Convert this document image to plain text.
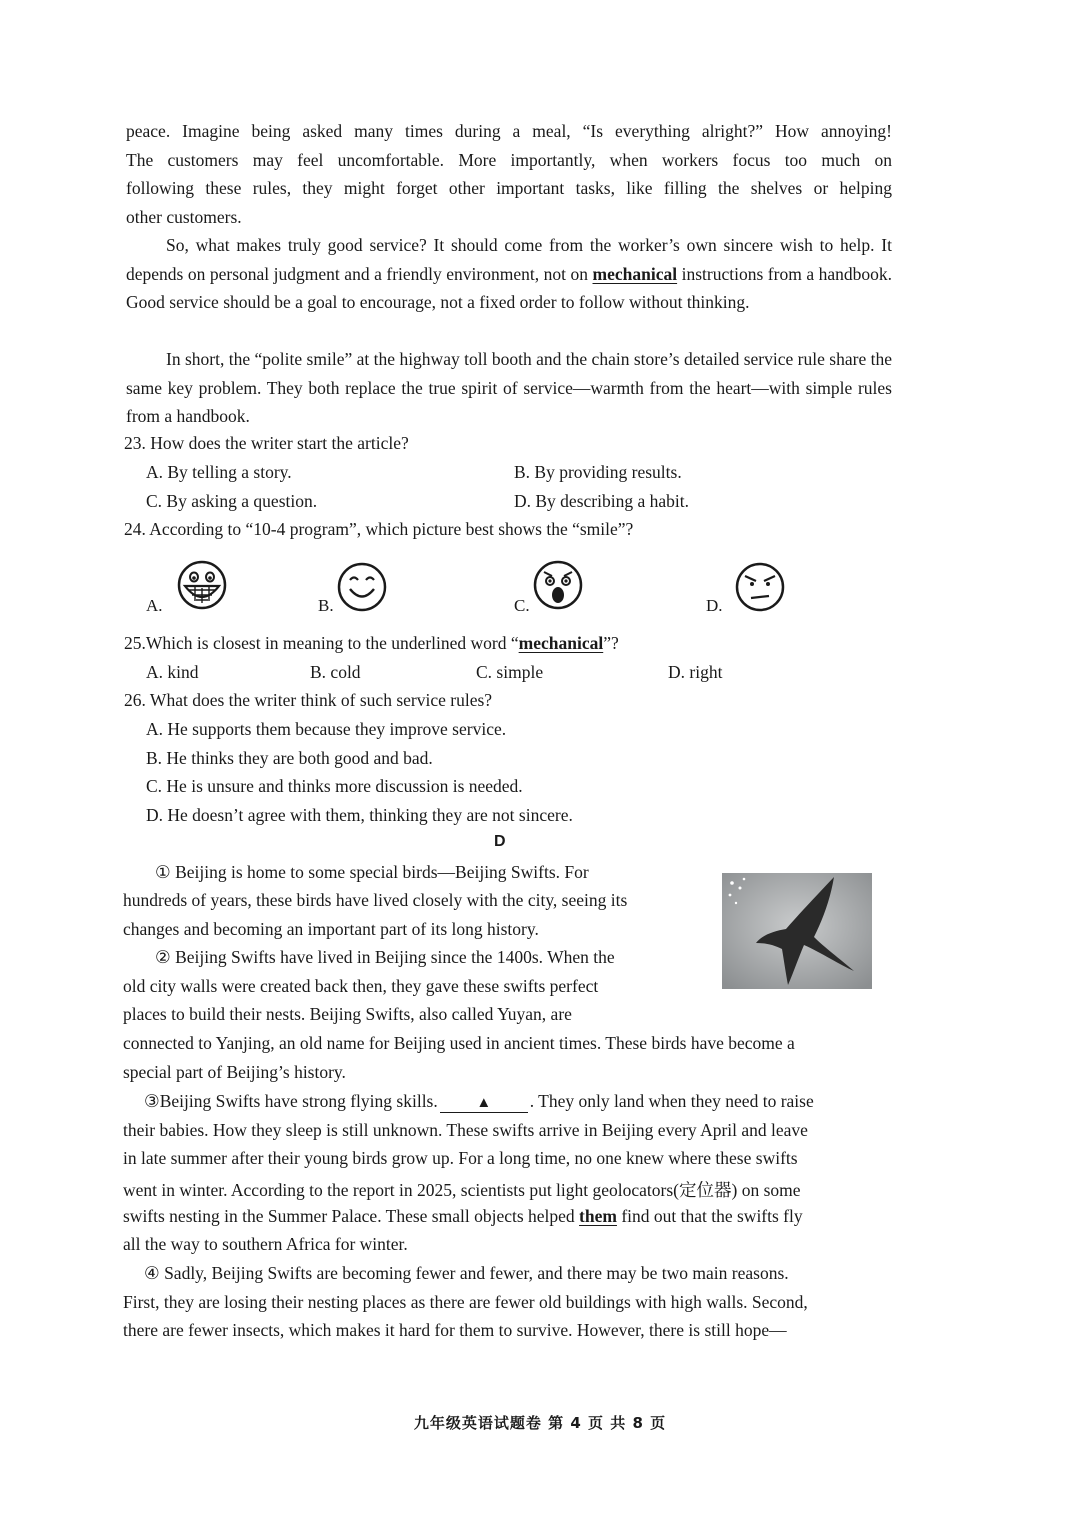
peace. Imagine being asked many times during a meal, “Is everything alright?” How annoying!

The customers may feel uncomfortable. More importantly, when workers focus too much on

following these rules, they might forget other important tasks, like filling the shelves or helping

other customers.

So, what makes truly good service? It should come from the worker’s own sincere wish to help. It depends on personal judgment and a friendly environment, not on mechanical instructions from a handbook. Good service should be a goal to encourage, not a fixed order to follow without thinking.

In short, the “polite smile” at the highway toll booth and the chain store’s detailed service rule share the same key problem. They both replace the true spirit of service—warmth from the heart—with simple rules from a handbook.

23. How does the writer start the article?
A. By telling a story.	B. By providing results.
C. By asking a question.	D. By describing a habit.
24. According to “10-4 program”, which picture best shows the “smile”?
A.	B.	C.	D.
25.Which is closest in meaning to the underlined word “mechanical”?
A. kind	B. cold	C. simple	D. right
26. What does the writer think of such service rules?
A. He supports them because they improve service.
B. He thinks they are both good and bad.
C. He is unsure and thinks more discussion is needed.
D. He doesn’t agree with them, thinking they are not sincere.
D
① Beijing is home to some special birds—Beijing Swifts. For
hundreds of years, these birds have lived closely with the city, seeing its
changes and becoming an important part of its long history.
② Beijing Swifts have lived in Beijing since the 1400s. When the
old city walls were created back then, they gave these swifts perfect
places to build their nests. Beijing Swifts, also called Yuyan, are
connected to Yanjing, an old name for Beijing used in ancient times. These birds have become a
special part of Beijing’s history.
③Beijing Swifts have strong flying skills.	▲ . They only land when they need to raise
their babies. How they sleep is still unknown. These swifts arrive in Beijing every April and leave
in late summer after their young birds grow up. For a long time, no one knew where these swifts
went in winter. According to the report in 2025, scientists put light geolocators(定位器) on some
swifts nesting in the Summer Palace. These small objects helped them find out that the swifts fly
all the way to southern Africa for winter.
④ Sadly, Beijing Swifts are becoming fewer and fewer, and there may be two main reasons.
First, they are losing their nesting places as there are fewer old buildings with high walls. Second,
there are fewer insects, which makes it hard for them to survive. However, there is still hope—
九年级英语试题卷 第 4 页 共 8 页
